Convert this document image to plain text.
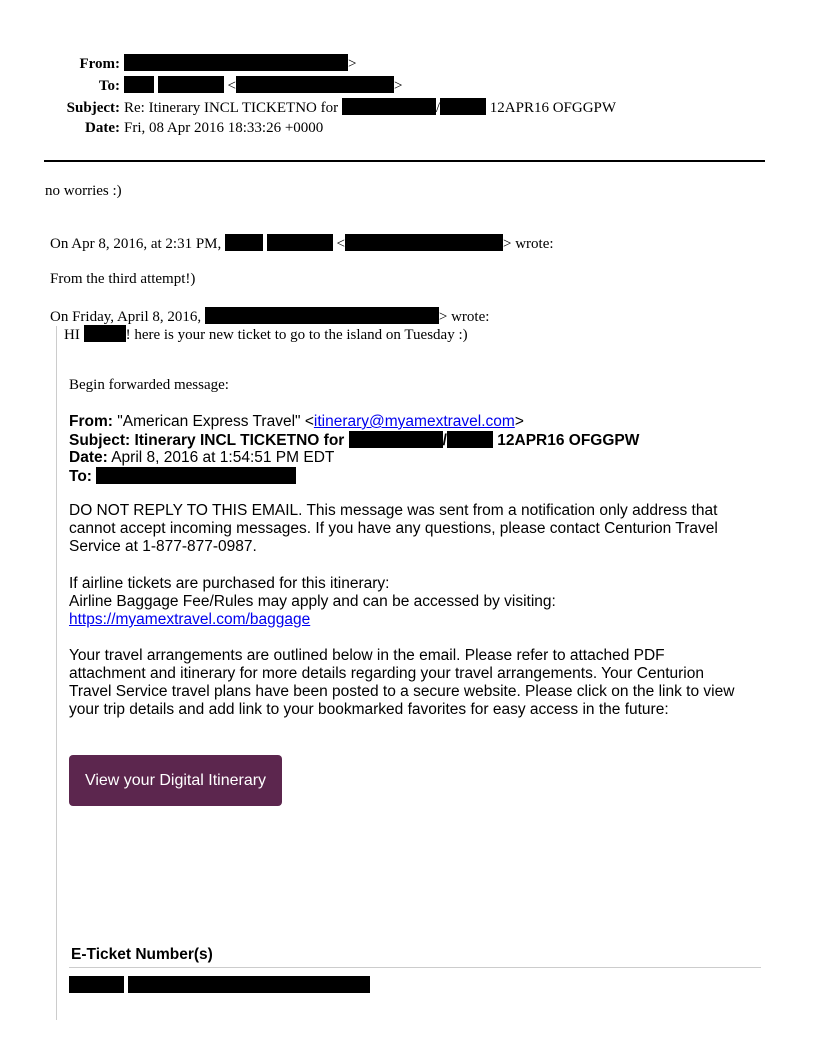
From:	>
To:	<	>
Subject: Re: Itinerary INCL TICKETNO for	/	12APR16 OFGGPW
Date: Fri, 08 Apr 2016 18:33:26 +0000
no worries :)
On Apr 8, 2016, at 2:31 PM,	<	> wrote:
From the third attempt!)
On Friday, April 8, 2016,	> wrote:
HI	! here is your new ticket to go to the island on Tuesday :)
Begin forwarded message:
From: "American Express Travel" <itinerary@myamextravel.com>
Subject: Itinerary INCL TICKETNO for	/	12APR16 OFGGPW
Date: April 8, 2016 at 1:54:51 PM EDT
To:
DO NOT REPLY TO THIS EMAIL. This message was sent from a notification only address that
cannot accept incoming messages. If you have any questions, please contact Centurion Travel
Service at 1-877-877-0987.
If airline tickets are purchased for this itinerary:
Airline Baggage Fee/Rules may apply and can be accessed by visiting:
https://myamextravel.com/baggage
Your travel arrangements are outlined below in the email. Please refer to attached PDF
attachment and itinerary for more details regarding your travel arrangements. Your Centurion
Travel Service travel plans have been posted to a secure website. Please click on the link to view
your trip details and add link to your bookmarked favorites for easy access in the future:
View your Digital Itinerary
E-Ticket Number(s)
